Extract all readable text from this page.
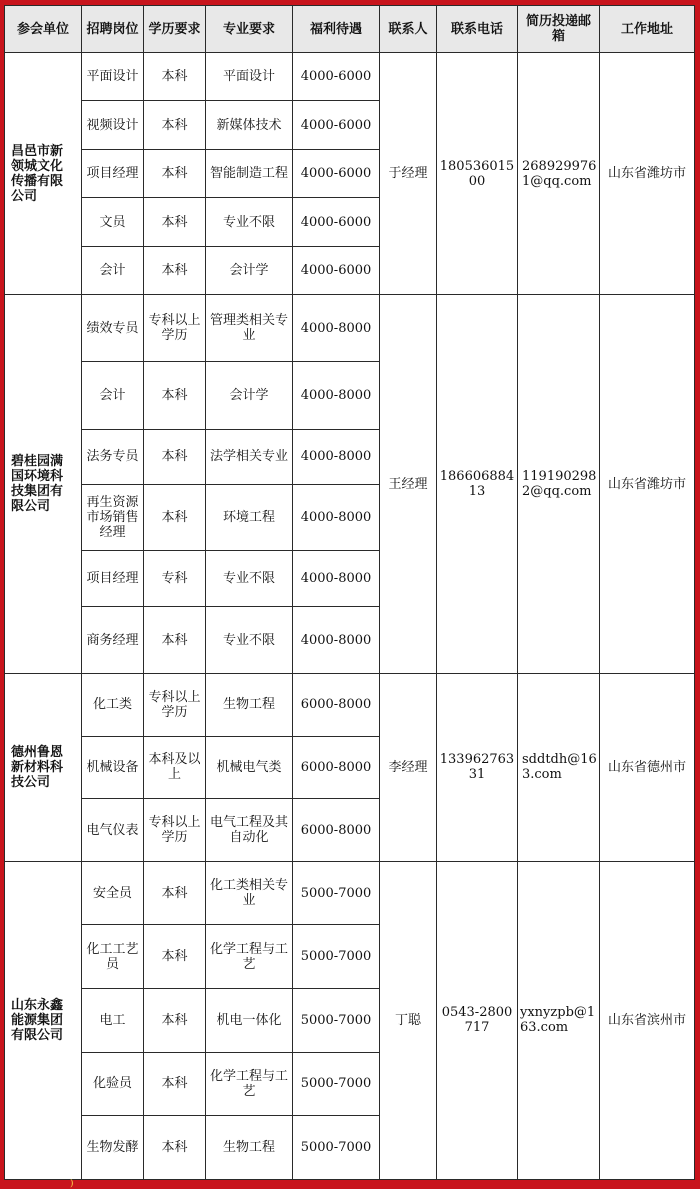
参会单位	招聘岗位	学历要求	专业要求	福利待遇	联系人	联系电话	简历投递邮箱	工作地址
昌邑市新领城文化传播有限公司	平面设计	本科	平面设计	4000-6000	于经理	18053601500	2689299761@qq.com	山东省潍坊市
	视频设计	本科	新媒体技术	4000-6000				
	项目经理	本科	智能制造工程	4000-6000				
	文员	本科	专业不限	4000-6000				
	会计	本科	会计学	4000-6000				
碧桂园满国环境科技集团有限公司	绩效专员	专科以上学历	管理类相关专业	4000-8000	王经理	18660688413	1191902982@qq.com	山东省潍坊市
	会计	本科	会计学	4000-8000				
	法务专员	本科	法学相关专业	4000-8000				
	再生资源市场销售经理	本科	环境工程	4000-8000				
	项目经理	专科	专业不限	4000-8000				
	商务经理	本科	专业不限	4000-8000				
德州鲁恩新材料科技公司	化工类	专科以上学历	生物工程	6000-8000	李经理	13396276331	sddtdh@163.com	山东省德州市
	机械设备	本科及以上	机械电气类	6000-8000				
	电气仪表	专科以上学历	电气工程及其自动化	6000-8000				
山东永鑫能源集团有限公司	安全员	本科	化工类相关专业	5000-7000	丁聪	0543-2800717	yxnyzpb@163.com	山东省滨州市
	化工工艺员	本科	化学工程与工艺	5000-7000				
	电工	本科	机电一体化	5000-7000				
	化验员	本科	化学工程与工艺	5000-7000				
	生物发酵	本科	生物工程	5000-7000				
)
